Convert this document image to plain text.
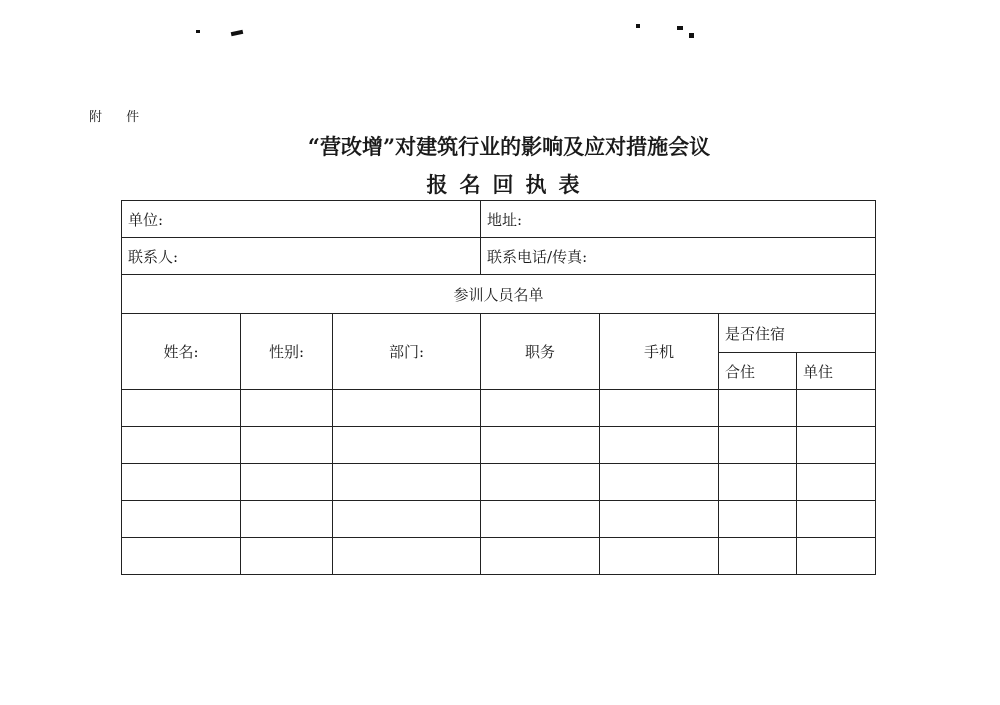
附 件
“营改增”对建筑行业的影响及应对措施会议
报名回执表
单位:			地址:			
联系人:			联系电话/传真:			
参训人员名单						
姓名:	性别:	部门:	职务	手机	是否住宿	
					合住	单住
